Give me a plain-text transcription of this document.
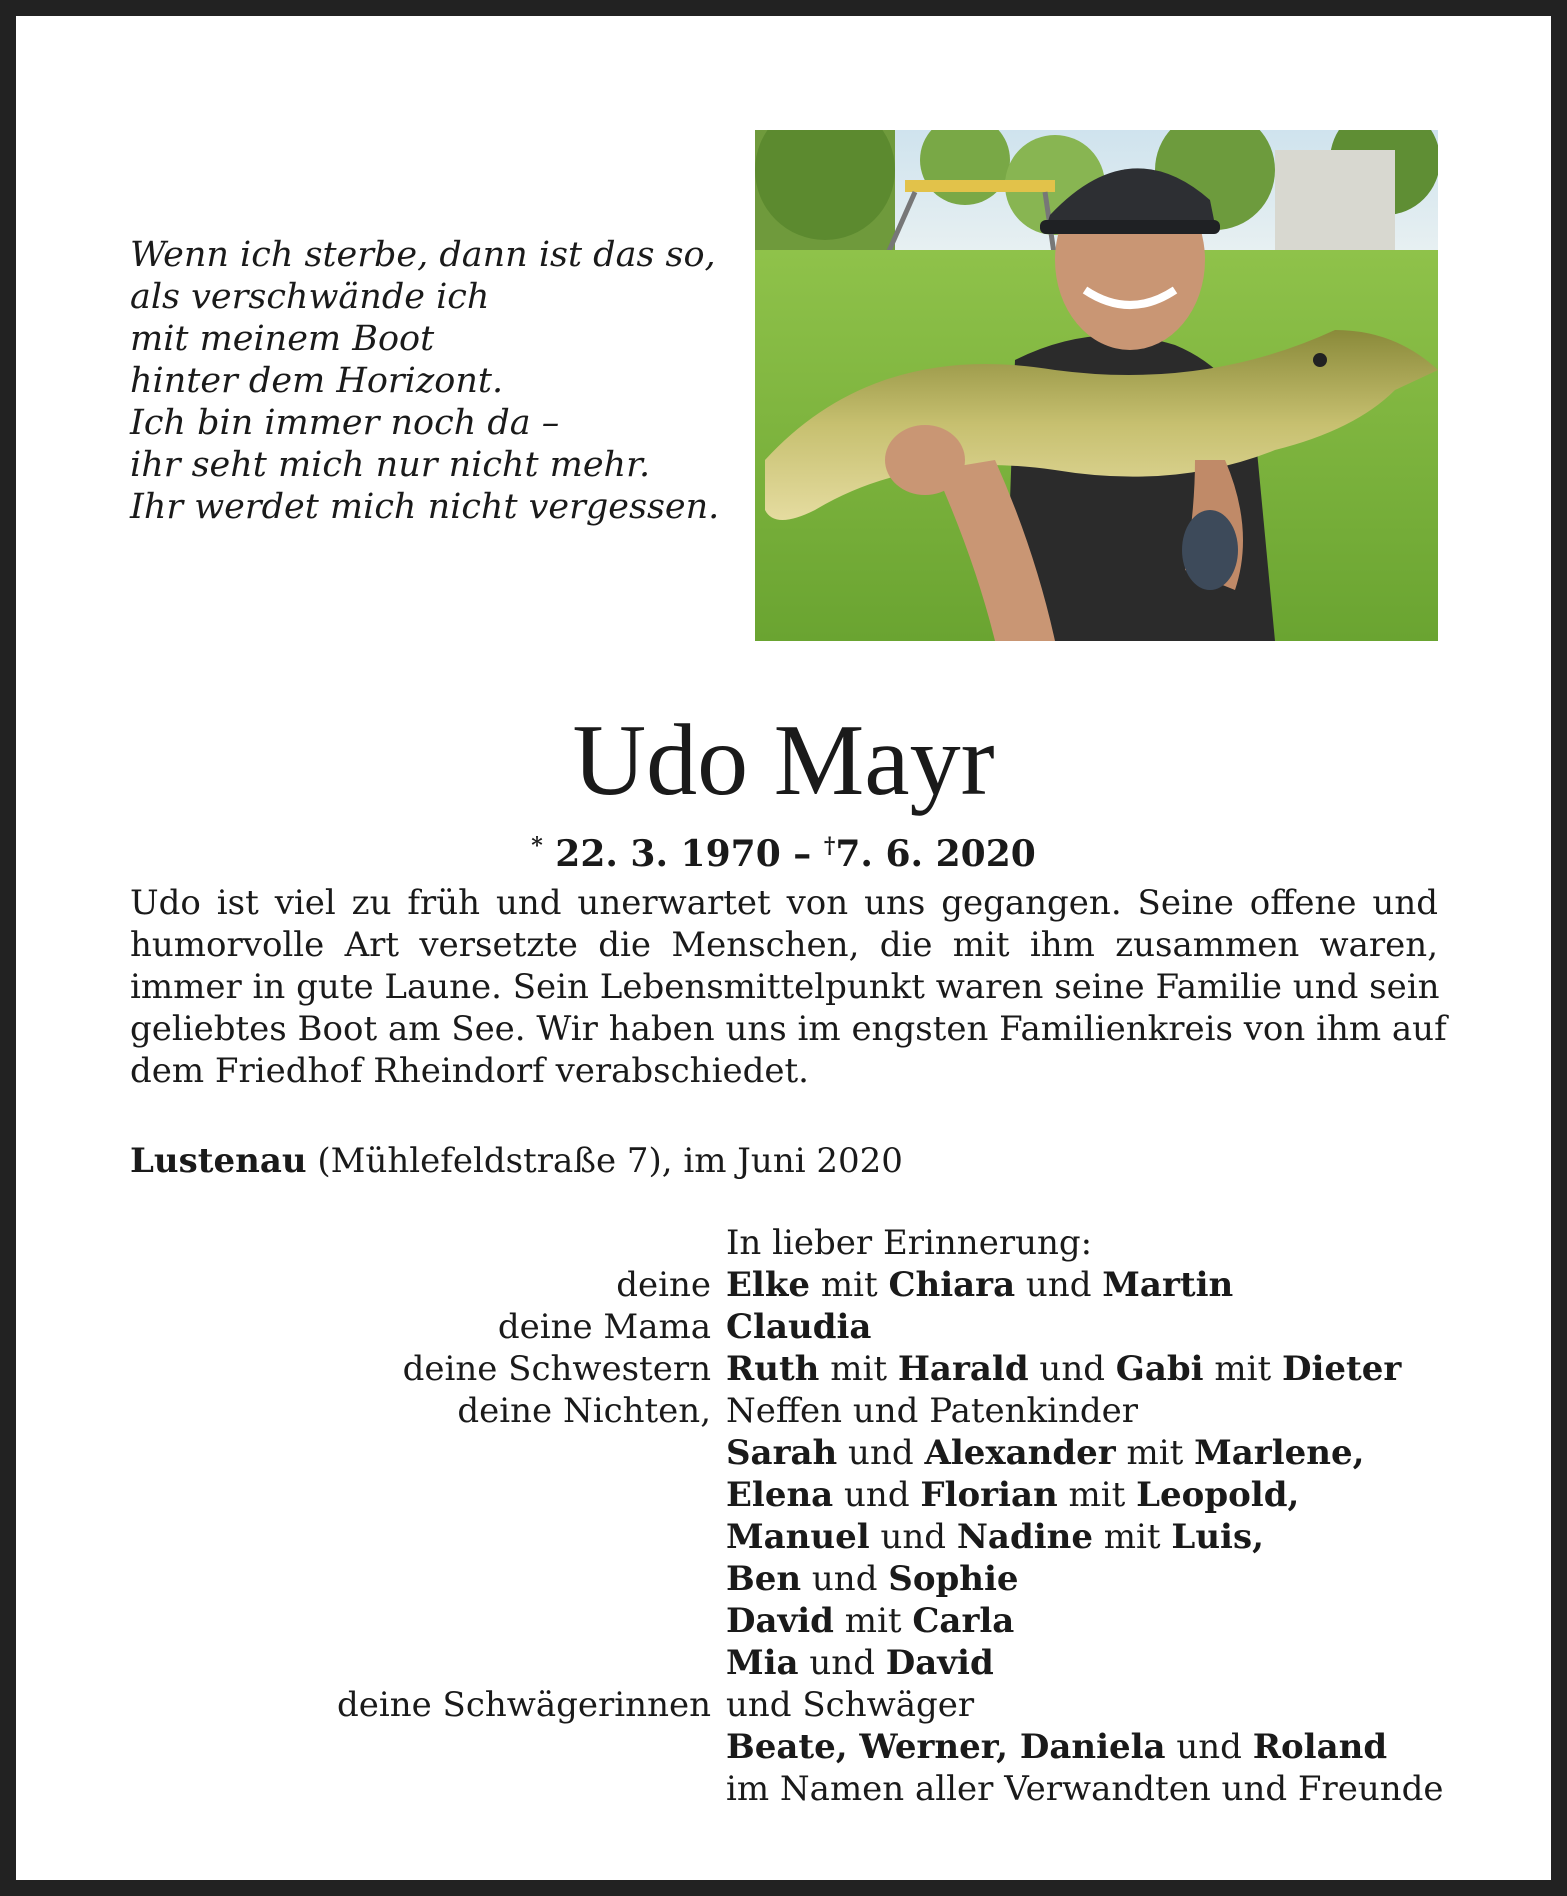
Wenn ich sterbe, dann ist das so,
als verschwände ich
mit meinem Boot
hinter dem Horizont.
Ich bin immer noch da –
ihr seht mich nur nicht mehr.
Ihr werdet mich nicht vergessen.
Udo Mayr
* 22. 3. 1970 – †7. 6. 2020
Udo ist viel zu früh und unerwartet von uns gegangen. Seine offene und
humorvolle Art versetzte die Menschen, die mit ihm zusammen waren,
immer in gute Laune. Sein Lebensmittelpunkt waren seine Familie und sein
geliebtes Boot am See. Wir haben uns im engsten Familienkreis von ihm auf
dem Friedhof Rheindorf verabschiedet.
Lustenau (Mühlefeldstraße 7), im Juni 2020
In lieber Erinnerung:
deine Elke mit Chiara und Martin
deine Mama Claudia
deine Schwestern Ruth mit Harald und Gabi mit Dieter
deine Nichten, Neffen und Patenkinder
Sarah und Alexander mit Marlene,
Elena und Florian mit Leopold,
Manuel und Nadine mit Luis,
Ben und Sophie
David mit Carla
Mia und David
deine Schwägerinnen und Schwäger
Beate, Werner, Daniela und Roland
im Namen aller Verwandten und Freunde
